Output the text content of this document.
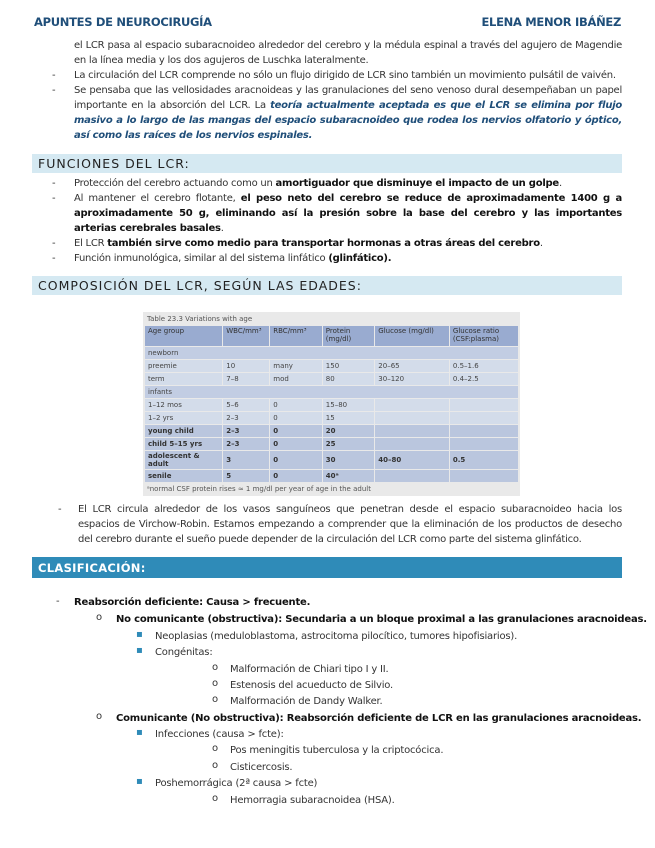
APUNTES DE NEUROCIRUGÍA	ELENA MENOR IBÁÑEZ
el LCR pasa al espacio subaracnoideo alrededor del cerebro y la médula espinal a través del agujero de Magendie en la línea media y los dos agujeros de Luschka lateralmente.
- La circulación del LCR comprende no sólo un flujo dirigido de LCR sino también un movimiento pulsátil de vaivén.
- Se pensaba que las vellosidades aracnoideas y las granulaciones del seno venoso dural desempeñaban un papel importante en la absorción del LCR. La teoría actualmente aceptada es que el LCR se elimina por flujo masivo a lo largo de las mangas del espacio subaracnoideo que rodea los nervios olfatorio y óptico, así como las raíces de los nervios espinales.
FUNCIONES DEL LCR:
- Protección del cerebro actuando como un amortiguador que disminuye el impacto de un golpe.
- Al mantener el cerebro flotante, el peso neto del cerebro se reduce de aproximadamente 1400 g a aproximadamente 50 g, eliminando así la presión sobre la base del cerebro y las importantes arterias cerebrales basales.
- El LCR también sirve como medio para transportar hormonas a otras áreas del cerebro.
- Función inmunológica, similar al del sistema linfático (glinfático).
COMPOSICIÓN DEL LCR, SEGÚN LAS EDADES:
Table 23.3 Variations with age
Age group	WBC/mm³	RBC/mm³	Protein (mg/dl)	Glucose (mg/dl)	Glucose ratio (CSF:plasma)
newborn					
preemie	10	many	150	20–65	0.5–1.6
term	7–8	mod	80	30–120	0.4–2.5
infants					
1–12 mos	5–6	0	15–80		
1–2 yrs	2–3	0	15		
young child	2–3	0	20		
child 5–15 yrs	2–3	0	25		
adolescent & adult	3	0	30	40–80	0.5
senile	5	0	40ᵃ		
ᵃnormal CSF protein rises ≈ 1 mg/dl per year of age in the adult
- El LCR circula alrededor de los vasos sanguíneos que penetran desde el espacio subaracnoideo hacia los espacios de Virchow-Robin. Estamos empezando a comprender que la eliminación de los productos de desecho del cerebro durante el sueño puede depender de la circulación del LCR como parte del sistema glinfático.
CLASIFICACIÓN:
- Reabsorción deficiente: Causa > frecuente.
o No comunicante (obstructiva): Secundaria a un bloque proximal a las granulaciones aracnoideas.
▪ Neoplasias (meduloblastoma, astrocitoma pilocítico, tumores hipofisiarios).
▪ Congénitas:
o Malformación de Chiari tipo I y II.
o Estenosis del acueducto de Silvio.
o Malformación de Dandy Walker.
o Comunicante (No obstructiva): Reabsorción deficiente de LCR en las granulaciones aracnoideas.
▪ Infecciones (causa > fcte):
o Pos meningitis tuberculosa y la criptocócica.
o Cisticercosis.
▪ Poshemorrágica (2ª causa > fcte)
o Hemorragia subaracnoidea (HSA).
